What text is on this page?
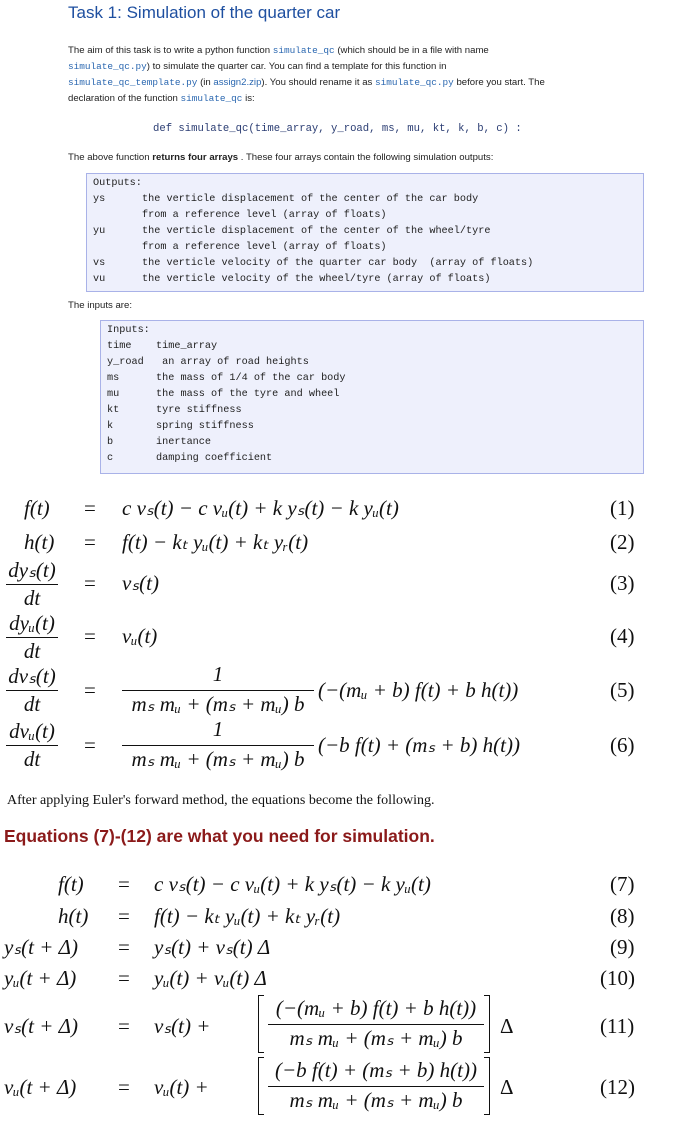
Task 1: Simulation of the quarter car
The aim of this task is to write a python function simulate_qc (which should be in a file with name
simulate_qc.py) to simulate the quarter car. You can find a template for this function in
simulate_qc_template.py (in assign2.zip). You should rename it as simulate_qc.py before you start. The
declaration of the function simulate_qc is:
def simulate_qc(time_array, y_road, ms, mu, kt, k, b, c) :
The above function returns four arrays . These four arrays contain the following simulation outputs:
Outputs:
ys	the verticle displacement of the center of the car body
from a reference level (array of floats)
yu	the verticle displacement of the center of the wheel/tyre
from a reference level (array of floats)
vs	the verticle velocity of the quarter car body  (array of floats)
vu	the verticle velocity of the wheel/tyre (array of floats)
The inputs are:
Inputs:
time time_array
y_road an array of road heights
ms	the mass of 1/4 of the car body
mu	the mass of the tyre and wheel
kt	tyre stiffness
k	spring stiffness
b	inertance
c	damping coefficient
f(t) = c vₛ(t) − c vᵤ(t) + k yₛ(t) − k yᵤ(t)	(1)
h(t) = f(t) − kₜ yᵤ(t) + kₜ yᵣ(t)	(2)
dyₛ(t)
dt
= vₛ(t)	(3)
dyᵤ(t)
dt
= vᵤ(t)	(4)
dvₛ(t)
dt
=
1
mₛ mᵤ + (mₛ + mᵤ) b
(−(mᵤ + b) f(t) + b h(t))	(5)
dvᵤ(t)
dt
=
1
mₛ mᵤ + (mₛ + mᵤ) b
(−b f(t) + (mₛ + b) h(t))	(6)
After applying Euler's forward method, the equations become the following.
Equations (7)-(12) are what you need for simulation.
f(t) = c vₛ(t) − c vᵤ(t) + k yₛ(t) − k yᵤ(t)	(7)
h(t) = f(t) − kₜ yᵤ(t) + kₜ yᵣ(t)	(8)
yₛ(t + Δ) = yₛ(t) + vₛ(t) Δ	(9)
yᵤ(t + Δ) = yᵤ(t) + vᵤ(t) Δ	(10)
vₛ(t + Δ) = vₛ(t) +
(−(mᵤ + b) f(t) + b h(t))
mₛ mᵤ + (mₛ + mᵤ) b	Δ	(11)
vᵤ(t + Δ) = vᵤ(t) +
(−b f(t) + (mₛ + b) h(t))
mₛ mᵤ + (mₛ + mᵤ) b
Δ	(12)
